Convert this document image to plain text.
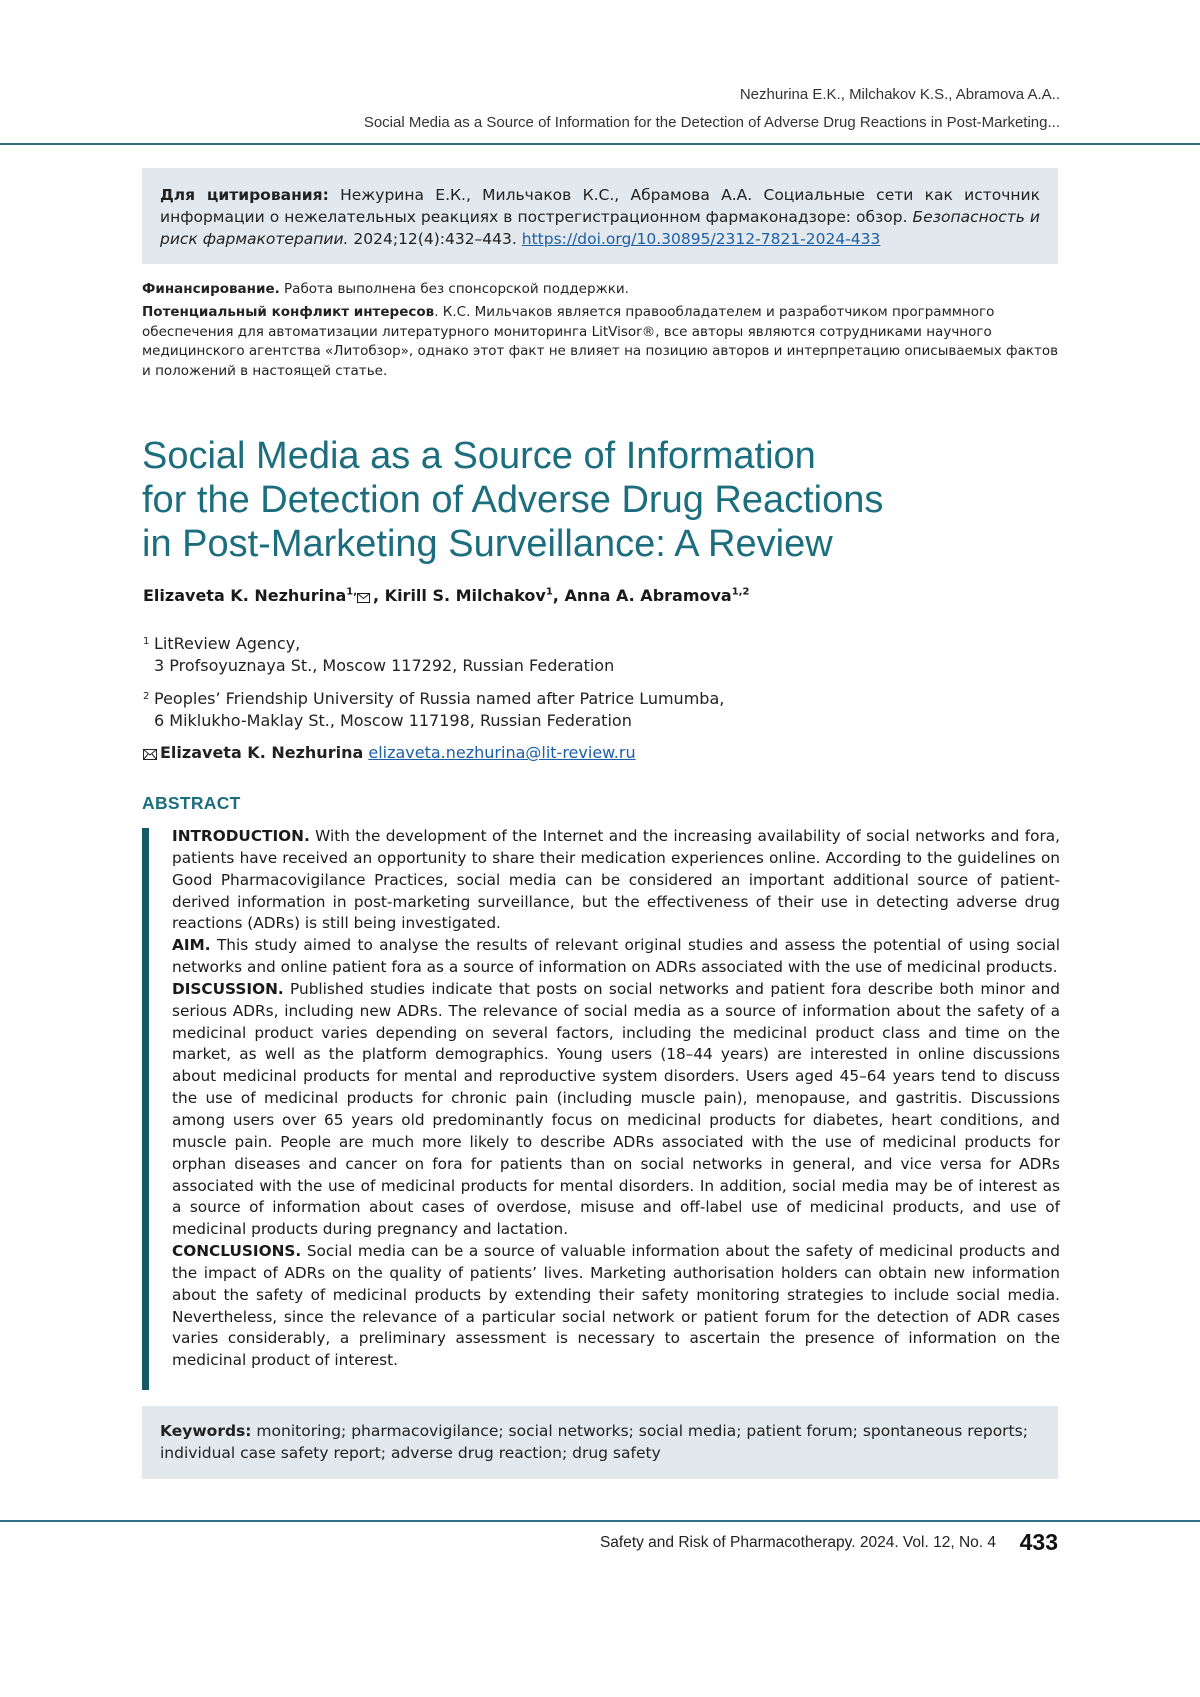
Nezhurina E.K., Milchakov K.S., Abramova A.A..
Social Media as a Source of Information for the Detection of Adverse Drug Reactions in Post-Marketing...
Для цитирования: Нежурина Е.К., Мильчаков К.С., Абрамова А.А. Социальные сети как источник информации о нежелательных реакциях в пострегистрационном фармаконадзоре: обзор. Безопасность и риск фармакотерапии. 2024;12(4):432–443. https://doi.org/10.30895/2312-7821-2024-433
Финансирование. Работа выполнена без спонсорской поддержки.
Потенциальный конфликт интересов. К.С. Мильчаков является правообладателем и разработчиком программного обеспечения для автоматизации литературного мониторинга LitVisor®, все авторы являются сотрудниками научного медицинского агентства «Литобзор», однако этот факт не влияет на позицию авторов и интерпретацию описываемых фактов и положений в настоящей статье.
Social Media as a Source of Information
for the Detection of Adverse Drug Reactions
in Post-Marketing Surveillance: A Review
Elizaveta K. Nezhurina$^{1,}$ , Kirill S. Milchakov$^1$, Anna A. Abramova$^{1,2}$
1 LitReview Agency,
3 Profsoyuznaya St., Moscow 117292, Russian Federation
2 Peoples’ Friendship University of Russia named after Patrice Lumumba,
6 Miklukho-Maklay St., Moscow 117198, Russian Federation
Elizaveta K. Nezhurina elizaveta.nezhurina@lit-review.ru
ABSTRACT

INTRODUCTION. With the development of the Internet and the increasing availability of social networks and fora, patients have received an opportunity to share their medication experiences online. According to the guidelines on Good Pharmacovigilance Practices, social media can be considered an important additional source of patient-derived information in post-marketing surveillance, but the effectiveness of their use in detecting adverse drug reactions (ADRs) is still being investigated.

AIM. This study aimed to analyse the results of relevant original studies and assess the potential of using social networks and online patient fora as a source of information on ADRs associated with the use of medicinal products.

DISCUSSION. Published studies indicate that posts on social networks and patient fora describe both minor and serious ADRs, including new ADRs. The relevance of social media as a source of information about the safety of a medicinal product varies depending on several factors, including the medicinal product class and time on the market, as well as the platform demographics. Young users (18–44 years) are interested in online discussions about medicinal products for mental and reproductive system disorders. Users aged 45–64 years tend to discuss the use of medicinal products for chronic pain (including muscle pain), menopause, and gastritis. Discussions among users over 65 years old predominantly focus on medicinal products for diabetes, heart conditions, and muscle pain. People are much more likely to describe ADRs associated with the use of medicinal products for orphan diseases and cancer on fora for patients than on social networks in general, and vice versa for ADRs associated with the use of medicinal products for mental disorders. In addition, social media may be of interest as a source of information about cases of overdose, misuse and off-label use of medicinal products, and use of medicinal products during pregnancy and lactation.

CONCLUSIONS. Social media can be a source of valuable information about the safety of medicinal products and the impact of ADRs on the quality of patients’ lives. Marketing authorisation holders can obtain new information about the safety of medicinal products by extending their safety monitoring strategies to include social media. Nevertheless, since the relevance of a particular social network or patient forum for the detection of ADR cases varies considerably, a preliminary assessment is necessary to ascertain the presence of information on the medicinal product of interest.

Keywords: monitoring; pharmacovigilance; social networks; social media; patient forum; spontaneous reports; individual case safety report; adverse drug reaction; drug safety
Safety and Risk of Pharmacotherapy. 2024. Vol. 12, No. 4 433
